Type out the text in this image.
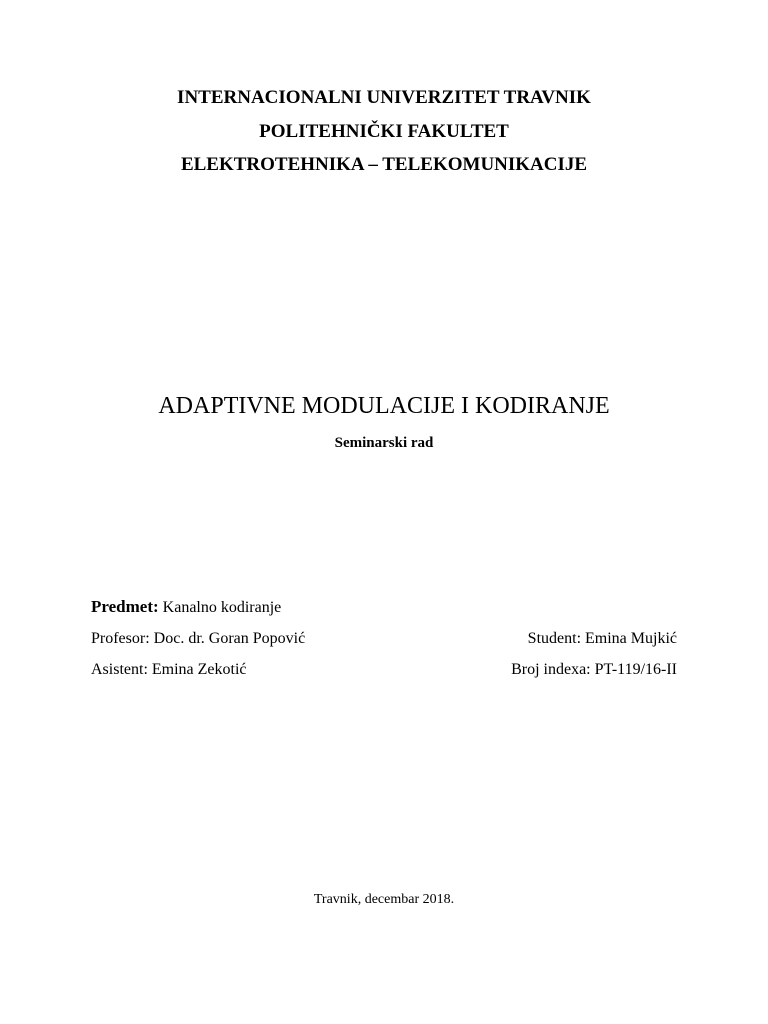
INTERNACIONALNI UNIVERZITET TRAVNIK
POLITEHNIČKI FAKULTET
ELEKTROTEHNIKA – TELEKOMUNIKACIJE
ADAPTIVNE MODULACIJE I KODIRANJE
Seminarski rad
Predmet: Kanalno kodiranje
Profesor: Doc. dr. Goran Popović	Student: Emina Mujkić
Asistent: Emina Zekotić	Broj indexa: PT-119/16-II
Travnik, decembar 2018.
